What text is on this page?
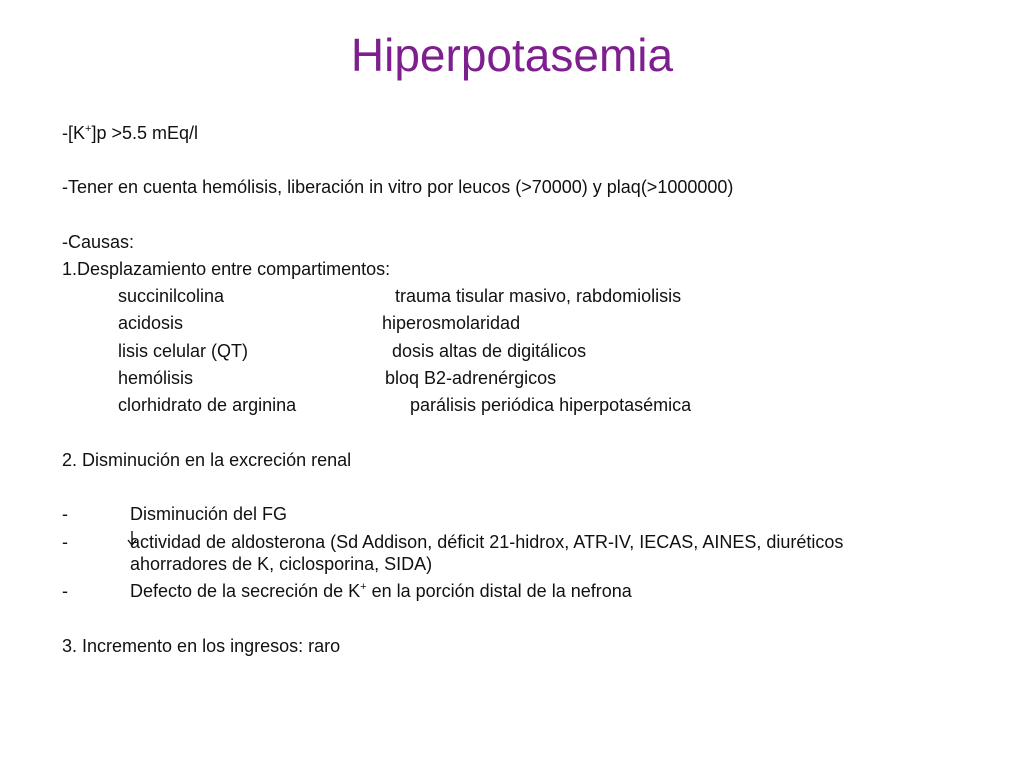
Hiperpotasemia
-[K+]p >5.5 mEq/l
-Tener en cuenta hemólisis, liberación in vitro por leucos (>70000) y plaq(>1000000)
-Causas:
1.Desplazamiento entre compartimentos:
succinilcolina	trauma tisular masivo, rabdomiolisis
acidosis	hiperosmolaridad
lisis celular (QT)	dosis altas de digitálicos
hemólisis	bloq B2-adrenérgicos
clorhidrato de arginina	parálisis periódica hiperpotasémica
2. Disminución en la excreción renal
-	Disminución del FG
-	actividad de aldosterona (Sd Addison, déficit 21-hidrox, ATR-IV, IECAS, AINES, diuréticos
ahorradores de K, ciclosporina, SIDA)
-	Defecto de la secreción de K+ en la porción distal de la nefrona
3. Incremento en los ingresos: raro
